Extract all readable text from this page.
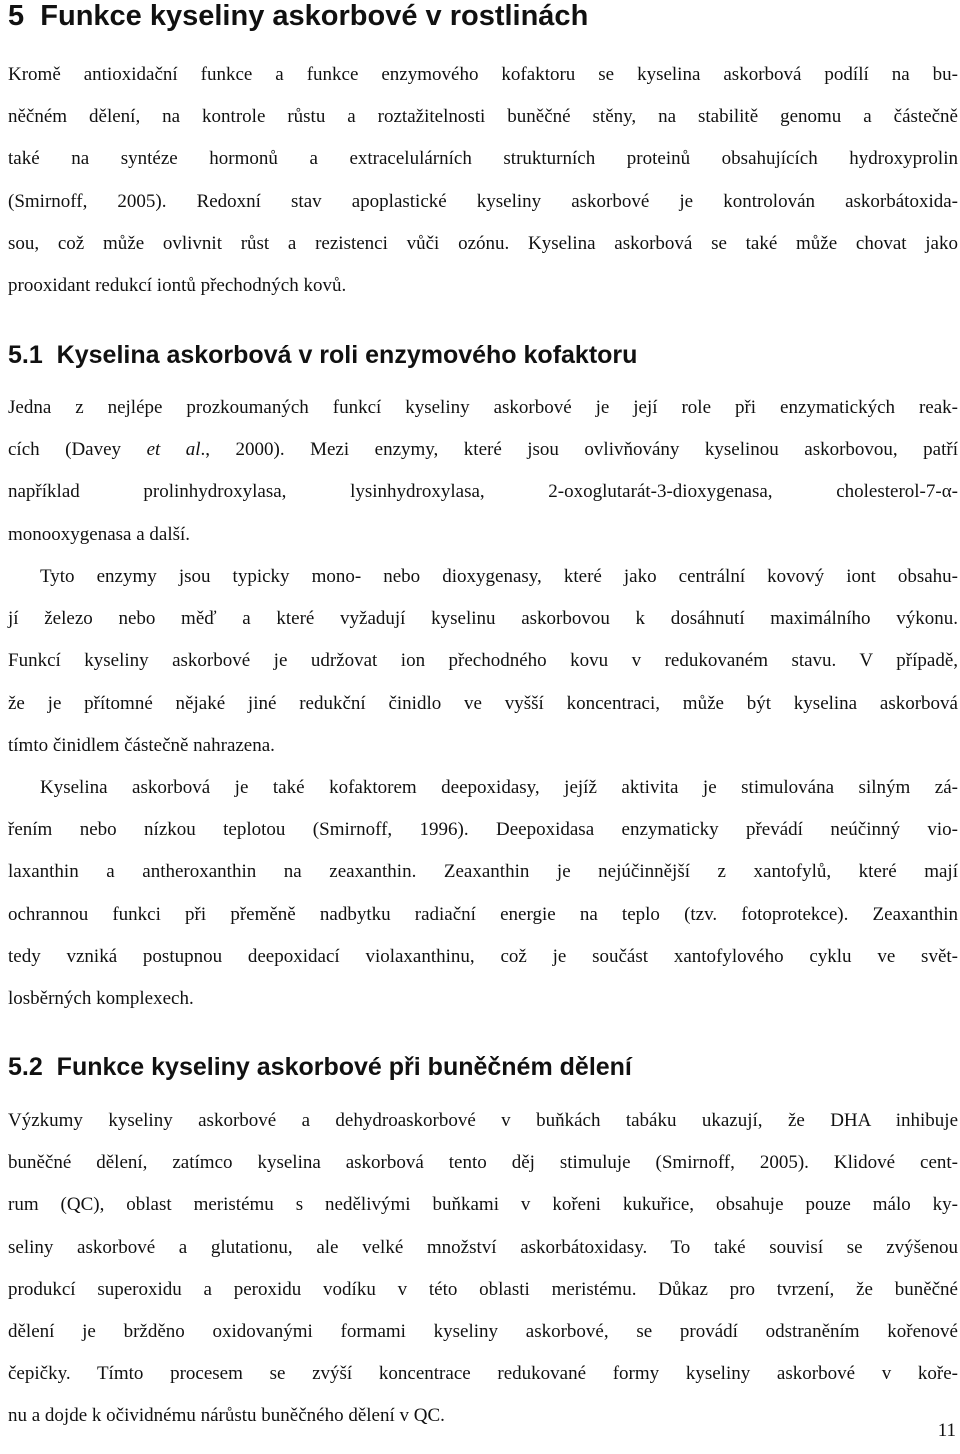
5 Funkce kyseliny askorbové v rostlinách
Kromě antioxidační funkce a funkce enzymového kofaktoru se kyselina askorbová podílí na bu-
něčném dělení, na kontrole růstu a roztažitelnosti buněčné stěny, na stabilitě genomu a částečně
také na syntéze hormonů a extracelulárních strukturních proteinů obsahujících hydroxyprolin
(Smirnoff, 2005). Redoxní stav apoplastické kyseliny askorbové je kontrolován askorbátoxida-
sou, což může ovlivnit růst a rezistenci vůči ozónu. Kyselina askorbová se také může chovat jako
prooxidant redukcí iontů přechodných kovů.
5.1 Kyselina askorbová v roli enzymového kofaktoru
Jedna z nejlépe prozkoumaných funkcí kyseliny askorbové je její role při enzymatických reak-
cích (Davey et al., 2000). Mezi enzymy, které jsou ovlivňovány kyselinou askorbovou, patří
například prolinhydroxylasa, lysinhydroxylasa, 2-oxoglutarát-3-dioxygenasa, cholesterol-7-α-
monooxygenasa a další.
Tyto enzymy jsou typicky mono- nebo dioxygenasy, které jako centrální kovový iont obsahu-
jí železo nebo měď a které vyžadují kyselinu askorbovou k dosáhnutí maximálního výkonu.
Funkcí kyseliny askorbové je udržovat ion přechodného kovu v redukovaném stavu. V případě,
že je přítomné nějaké jiné redukční činidlo ve vyšší koncentraci, může být kyselina askorbová
tímto činidlem částečně nahrazena.
Kyselina askorbová je také kofaktorem deepoxidasy, jejíž aktivita je stimulována silným zá-
řením nebo nízkou teplotou (Smirnoff, 1996). Deepoxidasa enzymaticky převádí neúčinný vio-
laxanthin a antheroxanthin na zeaxanthin. Zeaxanthin je nejúčinnější z xantofylů, které mají
ochrannou funkci při přeměně nadbytku radiační energie na teplo (tzv. fotoprotekce). Zeaxanthin
tedy vzniká postupnou deepoxidací violaxanthinu, což je součást xantofylového cyklu ve svět-
losběrných komplexech.
5.2 Funkce kyseliny askorbové při buněčném dělení
Výzkumy kyseliny askorbové a dehydroaskorbové v buňkách tabáku ukazují, že DHA inhibuje
buněčné dělení, zatímco kyselina askorbová tento děj stimuluje (Smirnoff, 2005). Klidové cent-
rum (QC), oblast meristému s nedělivými buňkami v kořeni kukuřice, obsahuje pouze málo ky-
seliny askorbové a glutationu, ale velké množství askorbátoxidasy. To také souvisí se zvýšenou
produkcí superoxidu a peroxidu vodíku v této oblasti meristému. Důkaz pro tvrzení, že buněčné
dělení je bržděno oxidovanými formami kyseliny askorbové, se provádí odstraněním kořenové
čepičky. Tímto procesem se zvýší koncentrace redukované formy kyseliny askorbové v koře-
nu a dojde k očividnému nárůstu buněčného dělení v QC.
11
